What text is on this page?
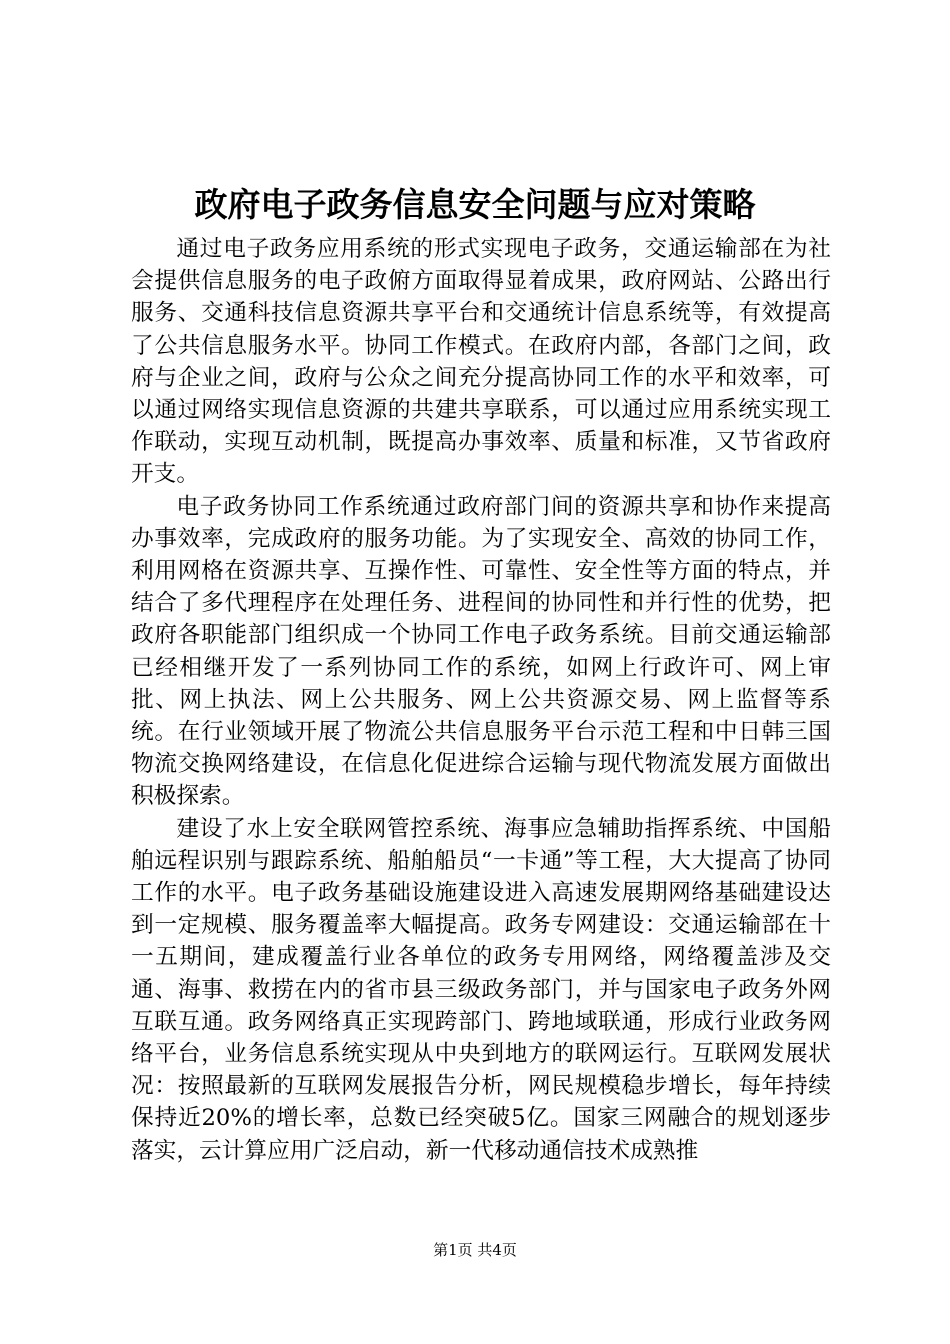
政府电子政务信息安全问题与应对策略

通过电子政务应用系统的形式实现电子政务，交通运输部在为社会提供信息服务的电子政俯方面取得显着成果，政府网站、公路出行服务、交通科技信息资源共享平台和交通统计信息系统等，有效提高了公共信息服务水平。协同工作模式。在政府内部，各部门之间，政府与企业之间，政府与公众之间充分提高协同工作的水平和效率，可以通过网络实现信息资源的共建共享联系，可以通过应用系统实现工作联动，实现互动机制，既提高办事效率、质量和标准，又节省政府开支。

电子政务协同工作系统通过政府部门间的资源共享和协作来提高办事效率，完成政府的服务功能。为了实现安全、高效的协同工作，利用网格在资源共享、互操作性、可靠性、安全性等方面的特点，并结合了多代理程序在处理任务、进程间的协同性和并行性的优势，把政府各职能部门组织成一个协同工作电子政务系统。目前交通运输部已经相继开发了一系列协同工作的系统，如网上行政许可、网上审批、网上执法、网上公共服务、网上公共资源交易、网上监督等系统。在行业领域开展了物流公共信息服务平台示范工程和中日韩三国物流交换网络建设，在信息化促进综合运输与现代物流发展方面做出积极探索。

建设了水上安全联网管控系统、海事应急辅助指挥系统、中国船舶远程识别与跟踪系统、船舶船员“一卡通”等工程，大大提高了协同工作的水平。电子政务基础设施建设进入高速发展期网络基础建设达到一定规模、服务覆盖率大幅提高。政务专网建设：交通运输部在十一五期间，建成覆盖行业各单位的政务专用网络，网络覆盖涉及交通、海事、救捞在内的省市县三级政务部门，并与国家电子政务外网互联互通。政务网络真正实现跨部门、跨地域联通，形成行业政务网络平台，业务信息系统实现从中央到地方的联网运行。互联网发展状况：按照最新的互联网发展报告分析，网民规模稳步增长，每年持续保持近20%的增长率，总数已经突破5亿。国家三网融合的规划逐步落实，云计算应用广泛启动，新一代移动通信技术成熟推

第1页 共4页
